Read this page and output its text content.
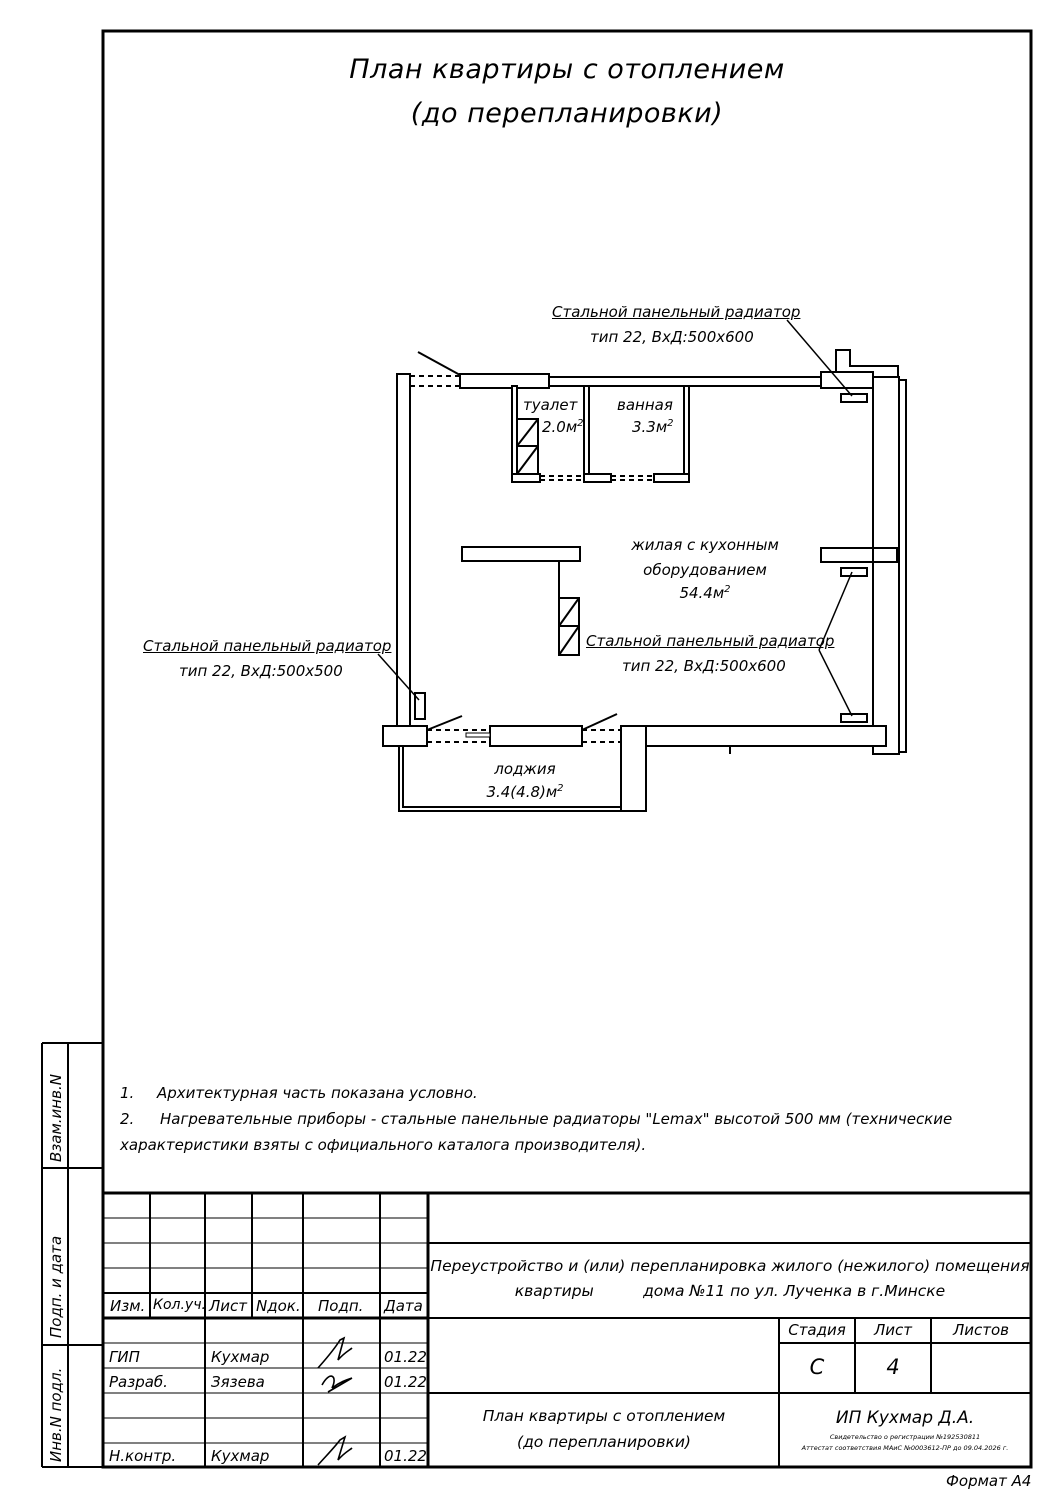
План квартиры с отоплением
(до перепланировки)
туалет
$2.0м^2$
ванная
$3.3м^2$
жилая с кухонным
оборудованием
$54.4м^2$
лоджия
$3.4(4.8)м^2$
Стальной панельный радиатор
тип 22, ВхД:500х600
Стальной панельный радиатор
тип 22, ВхД:500х500
Стальной панельный радиатор
тип 22, ВхД:500х600
1. Архитектурная часть показана условно.
2. Нагревательные приборы - стальные панельные радиаторы "Lemax" высотой 500 мм (технические
характеристики взяты с официального каталога производителя).
Взам.инв.N
Подп. и дата
Инв.N подл.
Изм. Кол.уч. Лист Nдок. Подп. Дата
ГИП	Кухмар	01.22
Разраб.	Зязева	01.22
Н.контр. Кухмар	01.22
Переустройство и (или) перепланировка жилого (нежилого) помещения
квартиры          дома №11 по ул. Лученка в г.Минске
План квартиры с отоплением
(до перепланировки)
Стадия	Лист	Листов
С	4
ИП Кухмар Д.А.
Свидетельство о регистрации №192530811
Аттестат соответствия МАиС №0003612-ПР до 09.04.2026 г.
Формат А4
